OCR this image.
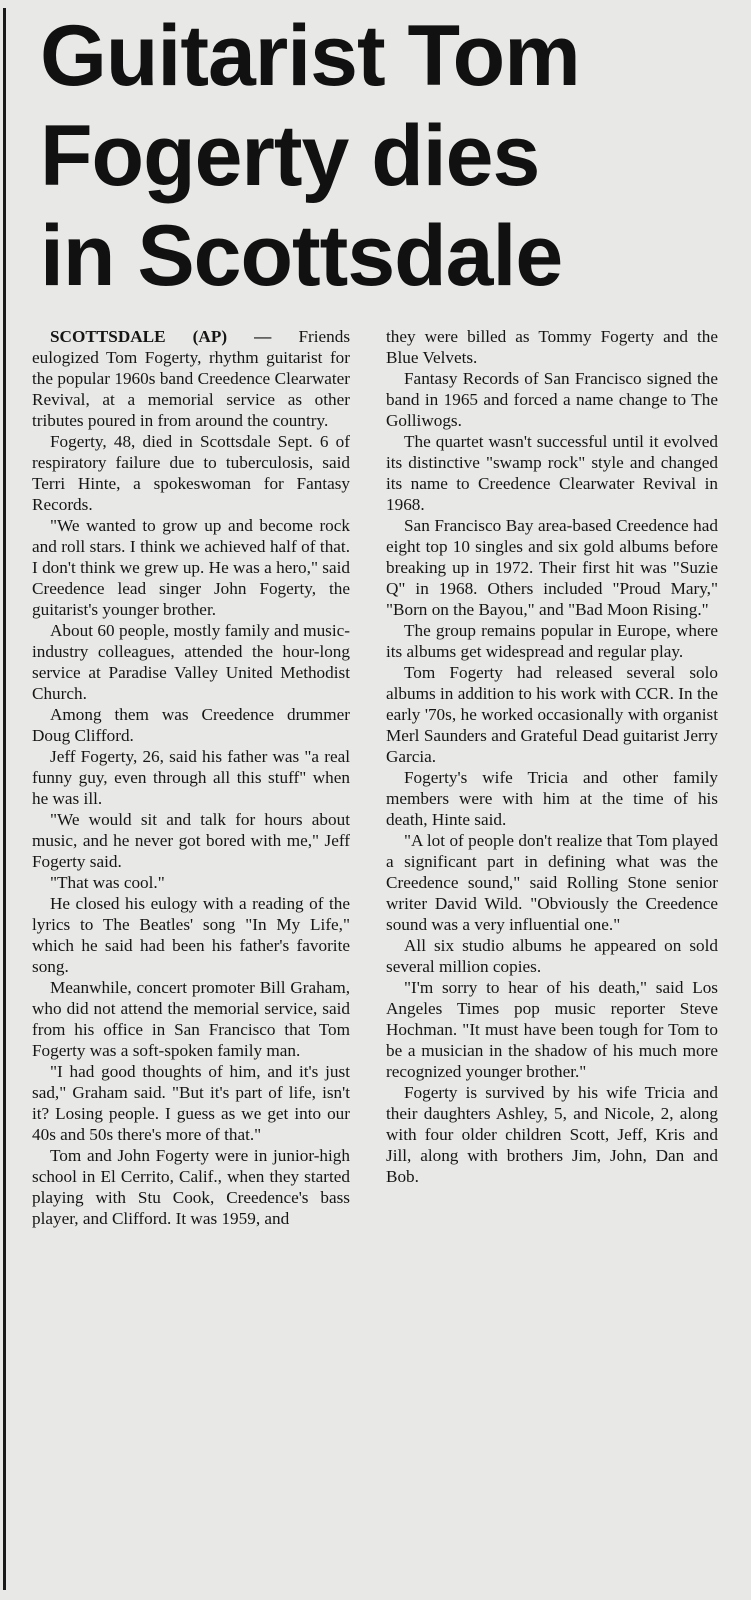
Guitarist Tom
Fogerty dies
in Scottsdale

SCOTTSDALE (AP) — Friends eulogized Tom Fogerty, rhythm guitarist for the popular 1960s band Creedence Clearwater Revival, at a memorial service as other tributes poured in from around the country.

Fogerty, 48, died in Scottsdale Sept. 6 of respiratory failure due to tuberculosis, said Terri Hinte, a spokeswoman for Fantasy Records.

"We wanted to grow up and become rock and roll stars. I think we achieved half of that. I don't think we grew up. He was a hero," said Creedence lead singer John Fogerty, the guitarist's younger brother.

About 60 people, mostly family and music-industry colleagues, attended the hour-long service at Paradise Valley United Methodist Church.

Among them was Creedence drummer Doug Clifford.

Jeff Fogerty, 26, said his father was "a real funny guy, even through all this stuff" when he was ill.

"We would sit and talk for hours about music, and he never got bored with me," Jeff Fogerty said.

"That was cool."

He closed his eulogy with a reading of the lyrics to The Beatles' song "In My Life," which he said had been his father's favorite song.

Meanwhile, concert promoter Bill Graham, who did not attend the memorial service, said from his office in San Francisco that Tom Fogerty was a soft-spoken family man.

"I had good thoughts of him, and it's just sad," Graham said. "But it's part of life, isn't it? Losing people. I guess as we get into our 40s and 50s there's more of that."

Tom and John Fogerty were in junior-high school in El Cerrito, Calif., when they started playing with Stu Cook, Creedence's bass player, and Clifford. It was 1959, and

they were billed as Tommy Fogerty and the Blue Velvets.

Fantasy Records of San Francisco signed the band in 1965 and forced a name change to The Golliwogs.

The quartet wasn't successful until it evolved its distinctive "swamp rock" style and changed its name to Creedence Clearwater Revival in 1968.

San Francisco Bay area-based Creedence had eight top 10 singles and six gold albums before breaking up in 1972. Their first hit was "Suzie Q" in 1968. Others included "Proud Mary," "Born on the Bayou," and "Bad Moon Rising."

The group remains popular in Europe, where its albums get widespread and regular play.

Tom Fogerty had released several solo albums in addition to his work with CCR. In the early '70s, he worked occasionally with organist Merl Saunders and Grateful Dead guitarist Jerry Garcia.

Fogerty's wife Tricia and other family members were with him at the time of his death, Hinte said.

"A lot of people don't realize that Tom played a significant part in defining what was the Creedence sound," said Rolling Stone senior writer David Wild. "Obviously the Creedence sound was a very influential one."

All six studio albums he appeared on sold several million copies.

"I'm sorry to hear of his death," said Los Angeles Times pop music reporter Steve Hochman. "It must have been tough for Tom to be a musician in the shadow of his much more recognized younger brother."

Fogerty is survived by his wife Tricia and their daughters Ashley, 5, and Nicole, 2, along with four older children Scott, Jeff, Kris and Jill, along with brothers Jim, John, Dan and Bob.
